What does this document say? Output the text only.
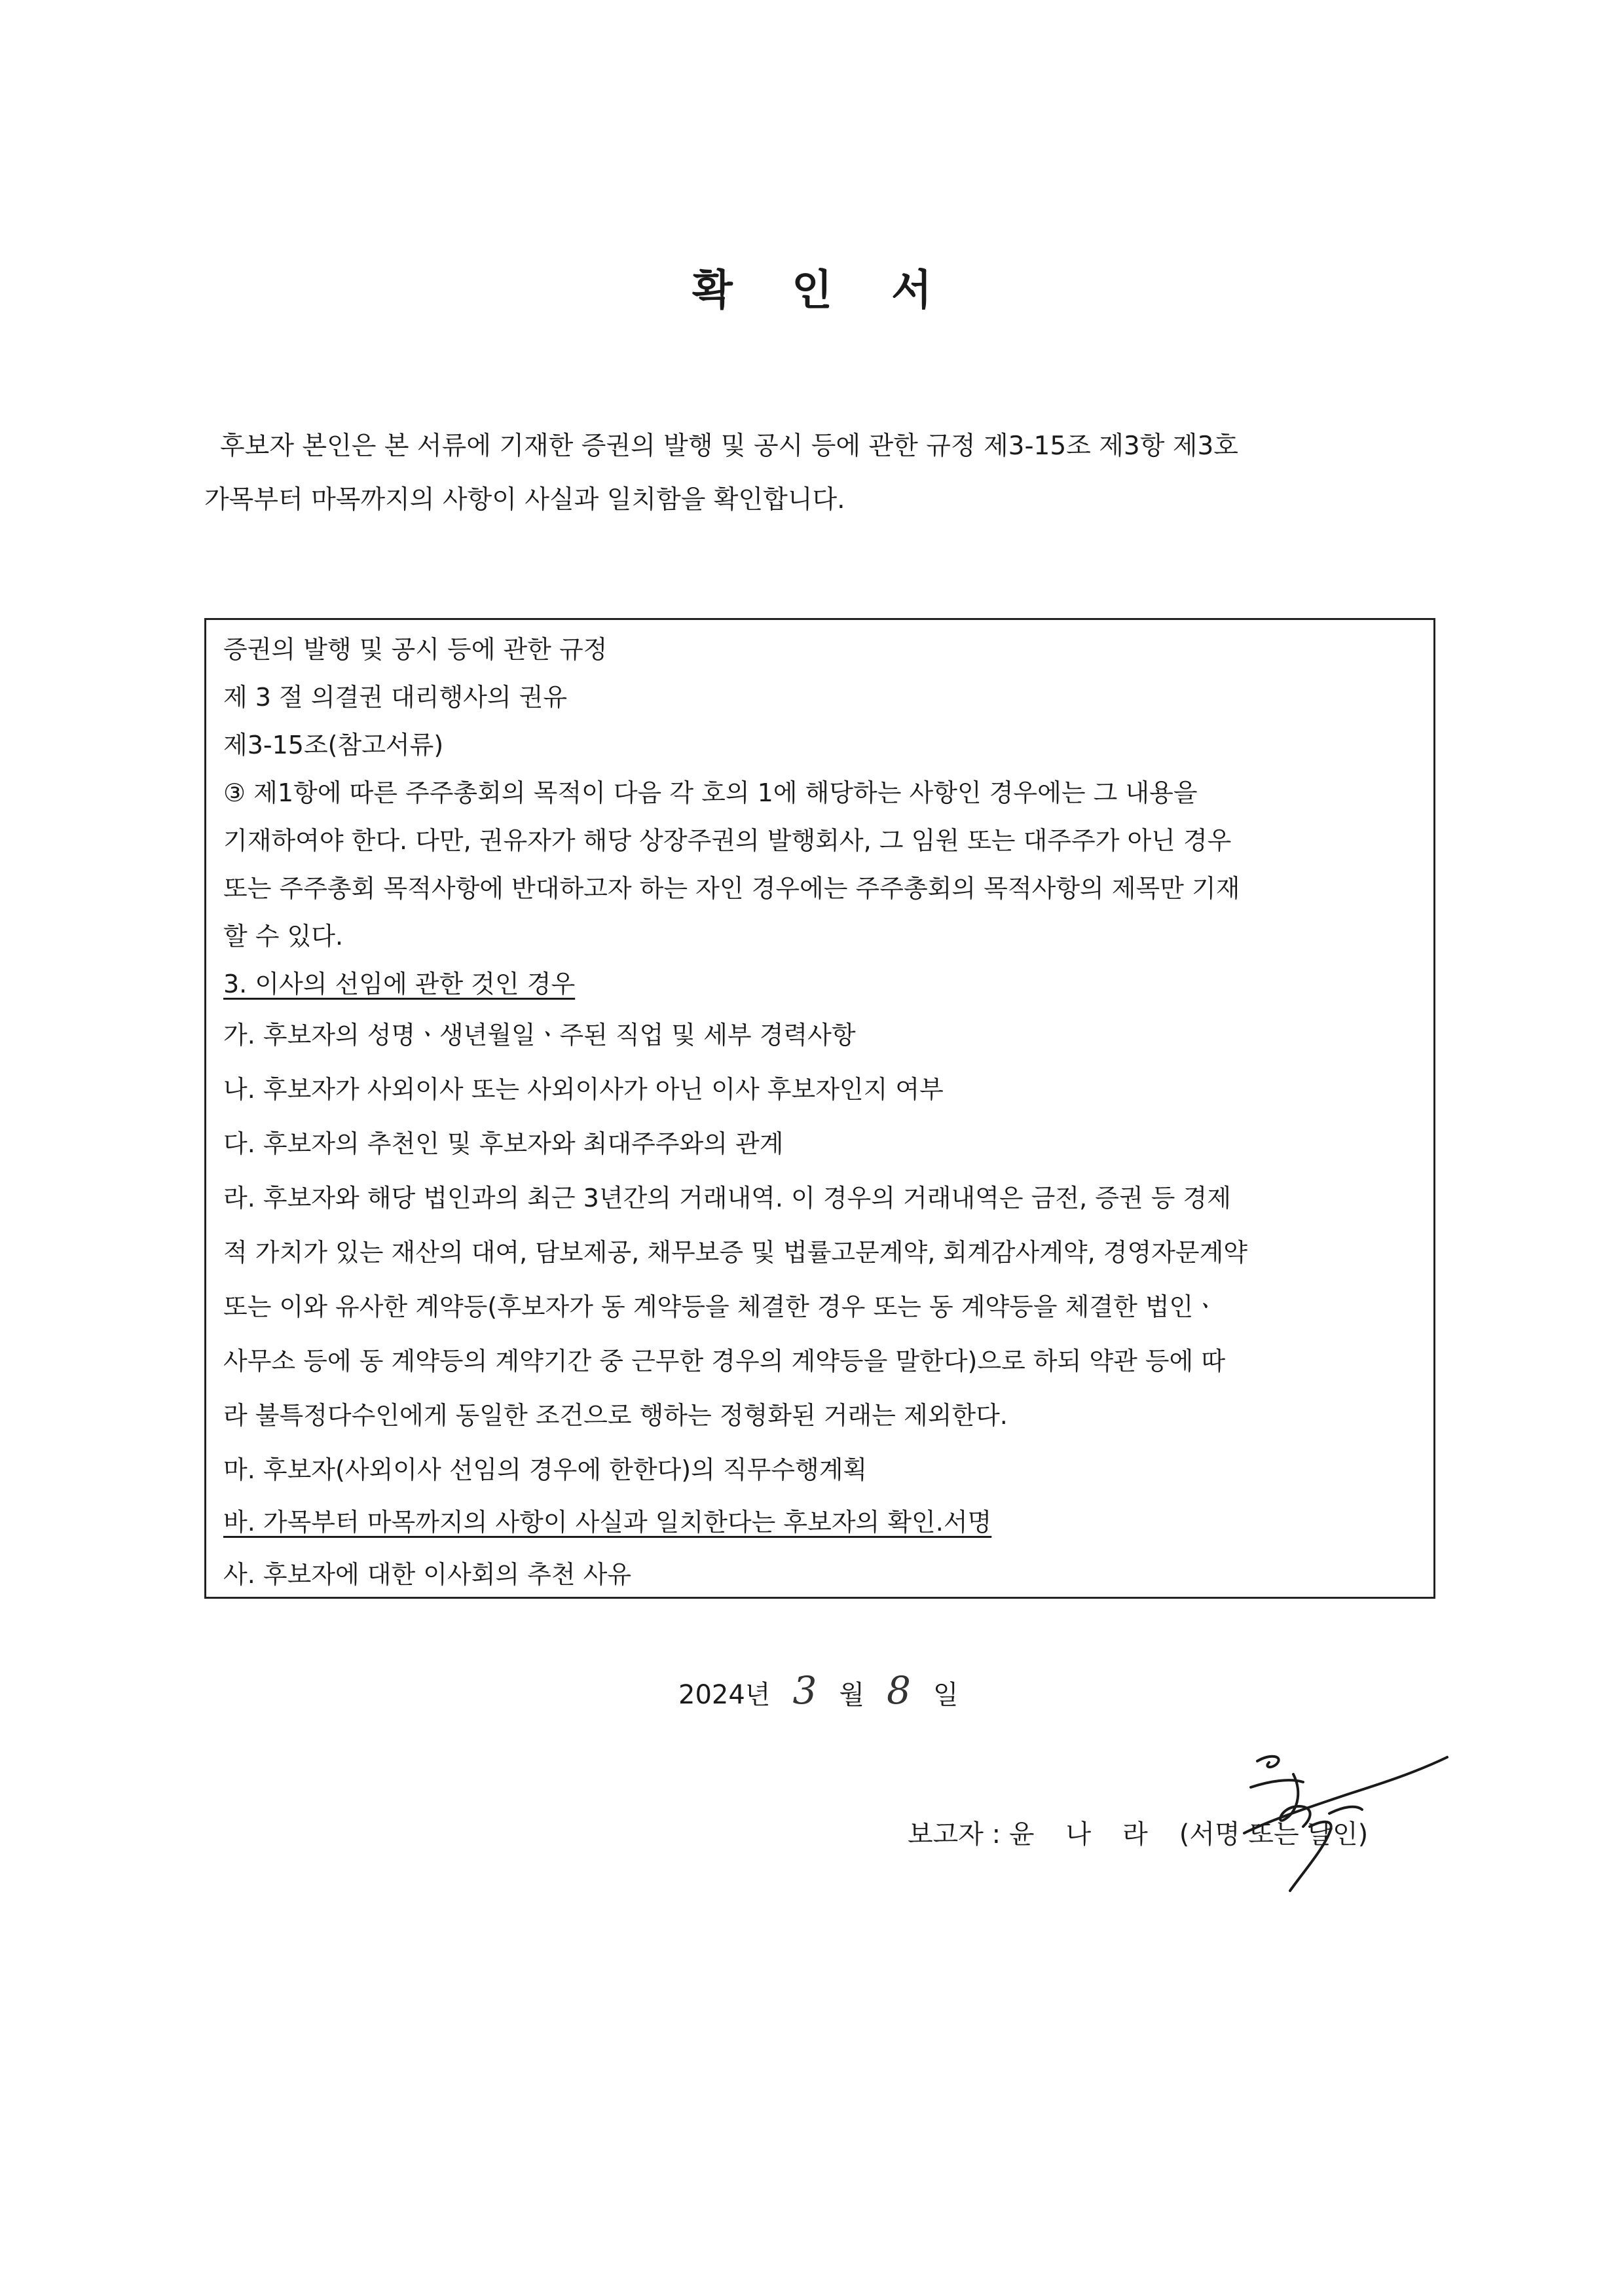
확 인 서
후보자 본인은 본 서류에 기재한 증권의 발행 및 공시 등에 관한 규정 제3-15조 제3항 제3호
가목부터 마목까지의 사항이 사실과 일치함을 확인합니다.
증권의 발행 및 공시 등에 관한 규정
제 3 절 의결권 대리행사의 권유
제3-15조(참고서류)
③ 제1항에 따른 주주총회의 목적이 다음 각 호의 1에 해당하는 사항인 경우에는 그 내용을
기재하여야 한다. 다만, 권유자가 해당 상장주권의 발행회사, 그 임원 또는 대주주가 아닌 경우
또는 주주총회 목적사항에 반대하고자 하는 자인 경우에는 주주총회의 목적사항의 제목만 기재
할 수 있다.
3. 이사의 선임에 관한 것인 경우
가. 후보자의 성명ㆍ생년월일ㆍ주된 직업 및 세부 경력사항
나. 후보자가 사외이사 또는 사외이사가 아닌 이사 후보자인지 여부
다. 후보자의 추천인 및 후보자와 최대주주와의 관계
라. 후보자와 해당 법인과의 최근 3년간의 거래내역. 이 경우의 거래내역은 금전, 증권 등 경제
적 가치가 있는 재산의 대여, 담보제공, 채무보증 및 법률고문계약, 회계감사계약, 경영자문계약
또는 이와 유사한 계약등(후보자가 동 계약등을 체결한 경우 또는 동 계약등을 체결한 법인ㆍ
사무소 등에 동 계약등의 계약기간 중 근무한 경우의 계약등을 말한다)으로 하되 약관 등에 따
라 불특정다수인에게 동일한 조건으로 행하는 정형화된 거래는 제외한다.
마. 후보자(사외이사 선임의 경우에 한한다)의 직무수행계획
바. 가목부터 마목까지의 사항이 사실과 일치한다는 후보자의 확인.서명
사. 후보자에 대한 이사회의 추천 사유
2024년 3 월 8 일
보고자 : 윤 나 라 (서명 또는 날인)
